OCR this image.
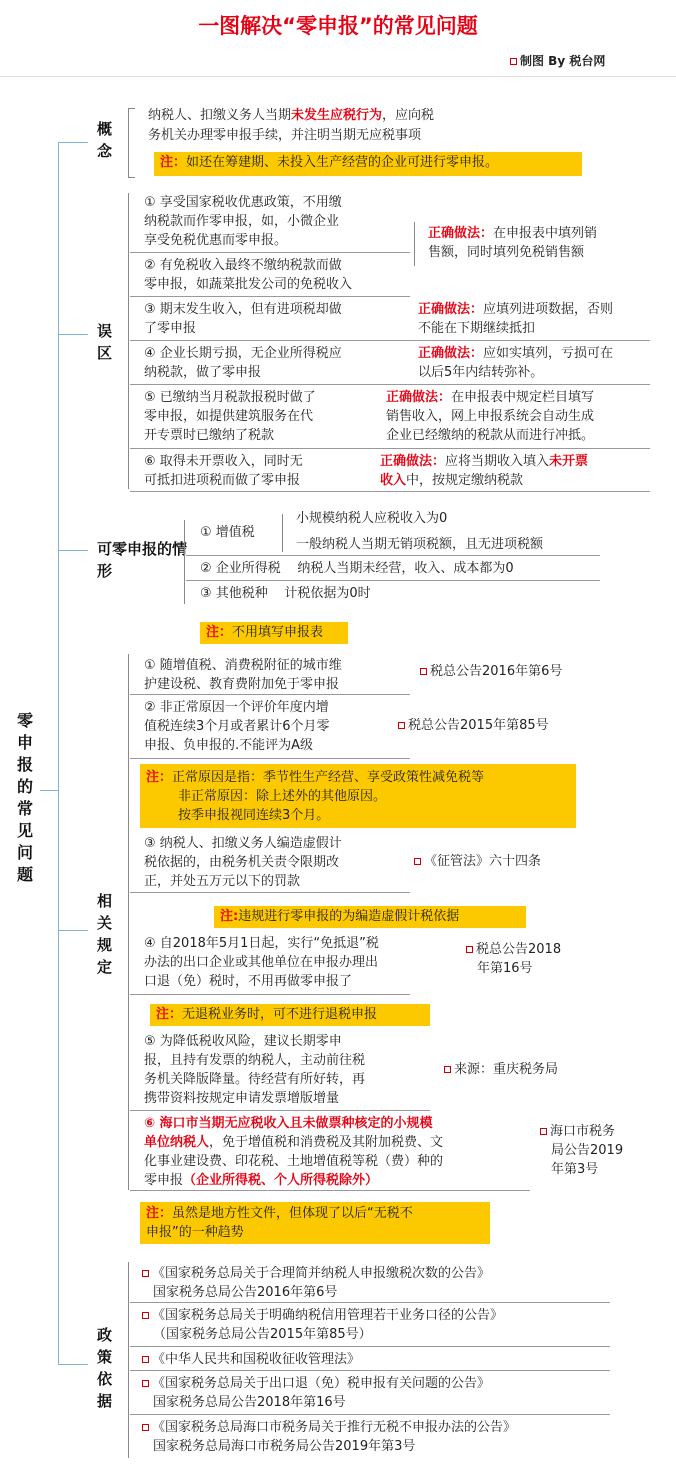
一图解决“零申报”的常见问题
制图 By 税台网
零申报的常见问题
概念
纳税人、扣缴义务人当期未发生应税行为，应向税
务机关办理零申报手续，并注明当期无应税事项
注：如还在筹建期、未投入生产经营的企业可进行零申报。
误区
① 享受国家税收优惠政策，不用缴
纳税款而作零申报，如，小微企业
享受免税优惠而零申报。
② 有免税收入最终不缴纳税款而做
零申报，如蔬菜批发公司的免税收入
正确做法：在申报表中填列销
售额，同时填列免税销售额
③ 期末发生收入，但有进项税却做
了零申报
正确做法：应填列进项数据，否则
不能在下期继续抵扣
④ 企业长期亏损，无企业所得税应
纳税款，做了零申报
正确做法：应如实填列，亏损可在
以后5年内结转弥补。
⑤ 已缴纳当月税款报税时做了
零申报，如提供建筑服务在代
开专票时已缴纳了税款
正确做法：在申报表中规定栏目填写
销售收入，网上申报系统会自动生成
企业已经缴纳的税款从而进行冲抵。
⑥ 取得未开票收入，同时无
可抵扣进项税而做了零申报
正确做法：应将当期收入填入未开票
收入中，按规定缴纳税款
可零申报的情形
① 增值税
小规模纳税人应税收入为0
一般纳税人当期无销项税额，且无进项税额
② 企业所得税 纳税人当期未经营，收入、成本都为0
③ 其他税种 计税依据为0时
注：不用填写申报表
相关规定
① 随增值税、消费税附征的城市维
护建设税、教育费附加免于零申报
税总公告2016年第6号
② 非正常原因一个评价年度内增
值税连续3个月或者累计6个月零
申报、负申报的.不能评为A级
税总公告2015年第85号
注：正常原因是指：季节性生产经营、享受政策性减免税等
非正常原因：除上述外的其他原因。
按季申报视同连续3个月。
③ 纳税人、扣缴义务人编造虚假计
税依据的，由税务机关责令限期改
正，并处五万元以下的罚款
《征管法》六十四条
注:违规进行零申报的为编造虚假计税依据
④ 自2018年5月1日起，实行“免抵退”税
办法的出口企业或其他单位在申报办理出
口退（免）税时，不用再做零申报了
税总公告2018
年第16号
注：无退税业务时，可不进行退税申报
⑤ 为降低税收风险，建议长期零申
报，且持有发票的纳税人，主动前往税
务机关降版降量。待经营有所好转，再
携带资料按规定申请发票增版增量
来源：重庆税务局
⑥ 海口市当期无应税收入且未做票种核定的小规模
单位纳税人，免于增值税和消费税及其附加税费、文
化事业建设费、印花税、土地增值税等税（费）种的
零申报（企业所得税、个人所得税除外）
海口市税务
局公告2019
年第3号
注：虽然是地方性文件，但体现了以后“无税不
申报”的一种趋势
政策依据
《国家税务总局关于合理简并纳税人申报缴税次数的公告》
国家税务总局公告2016年第6号
《国家税务总局关于明确纳税信用管理若干业务口径的公告》
（国家税务总局公告2015年第85号）
《中华人民共和国税收征收管理法》
《国家税务总局关于出口退（免）税申报有关问题的公告》
国家税务总局公告2018年第16号
《国家税务总局海口市税务局关于推行无税不申报办法的公告》
国家税务总局海口市税务局公告2019年第3号
